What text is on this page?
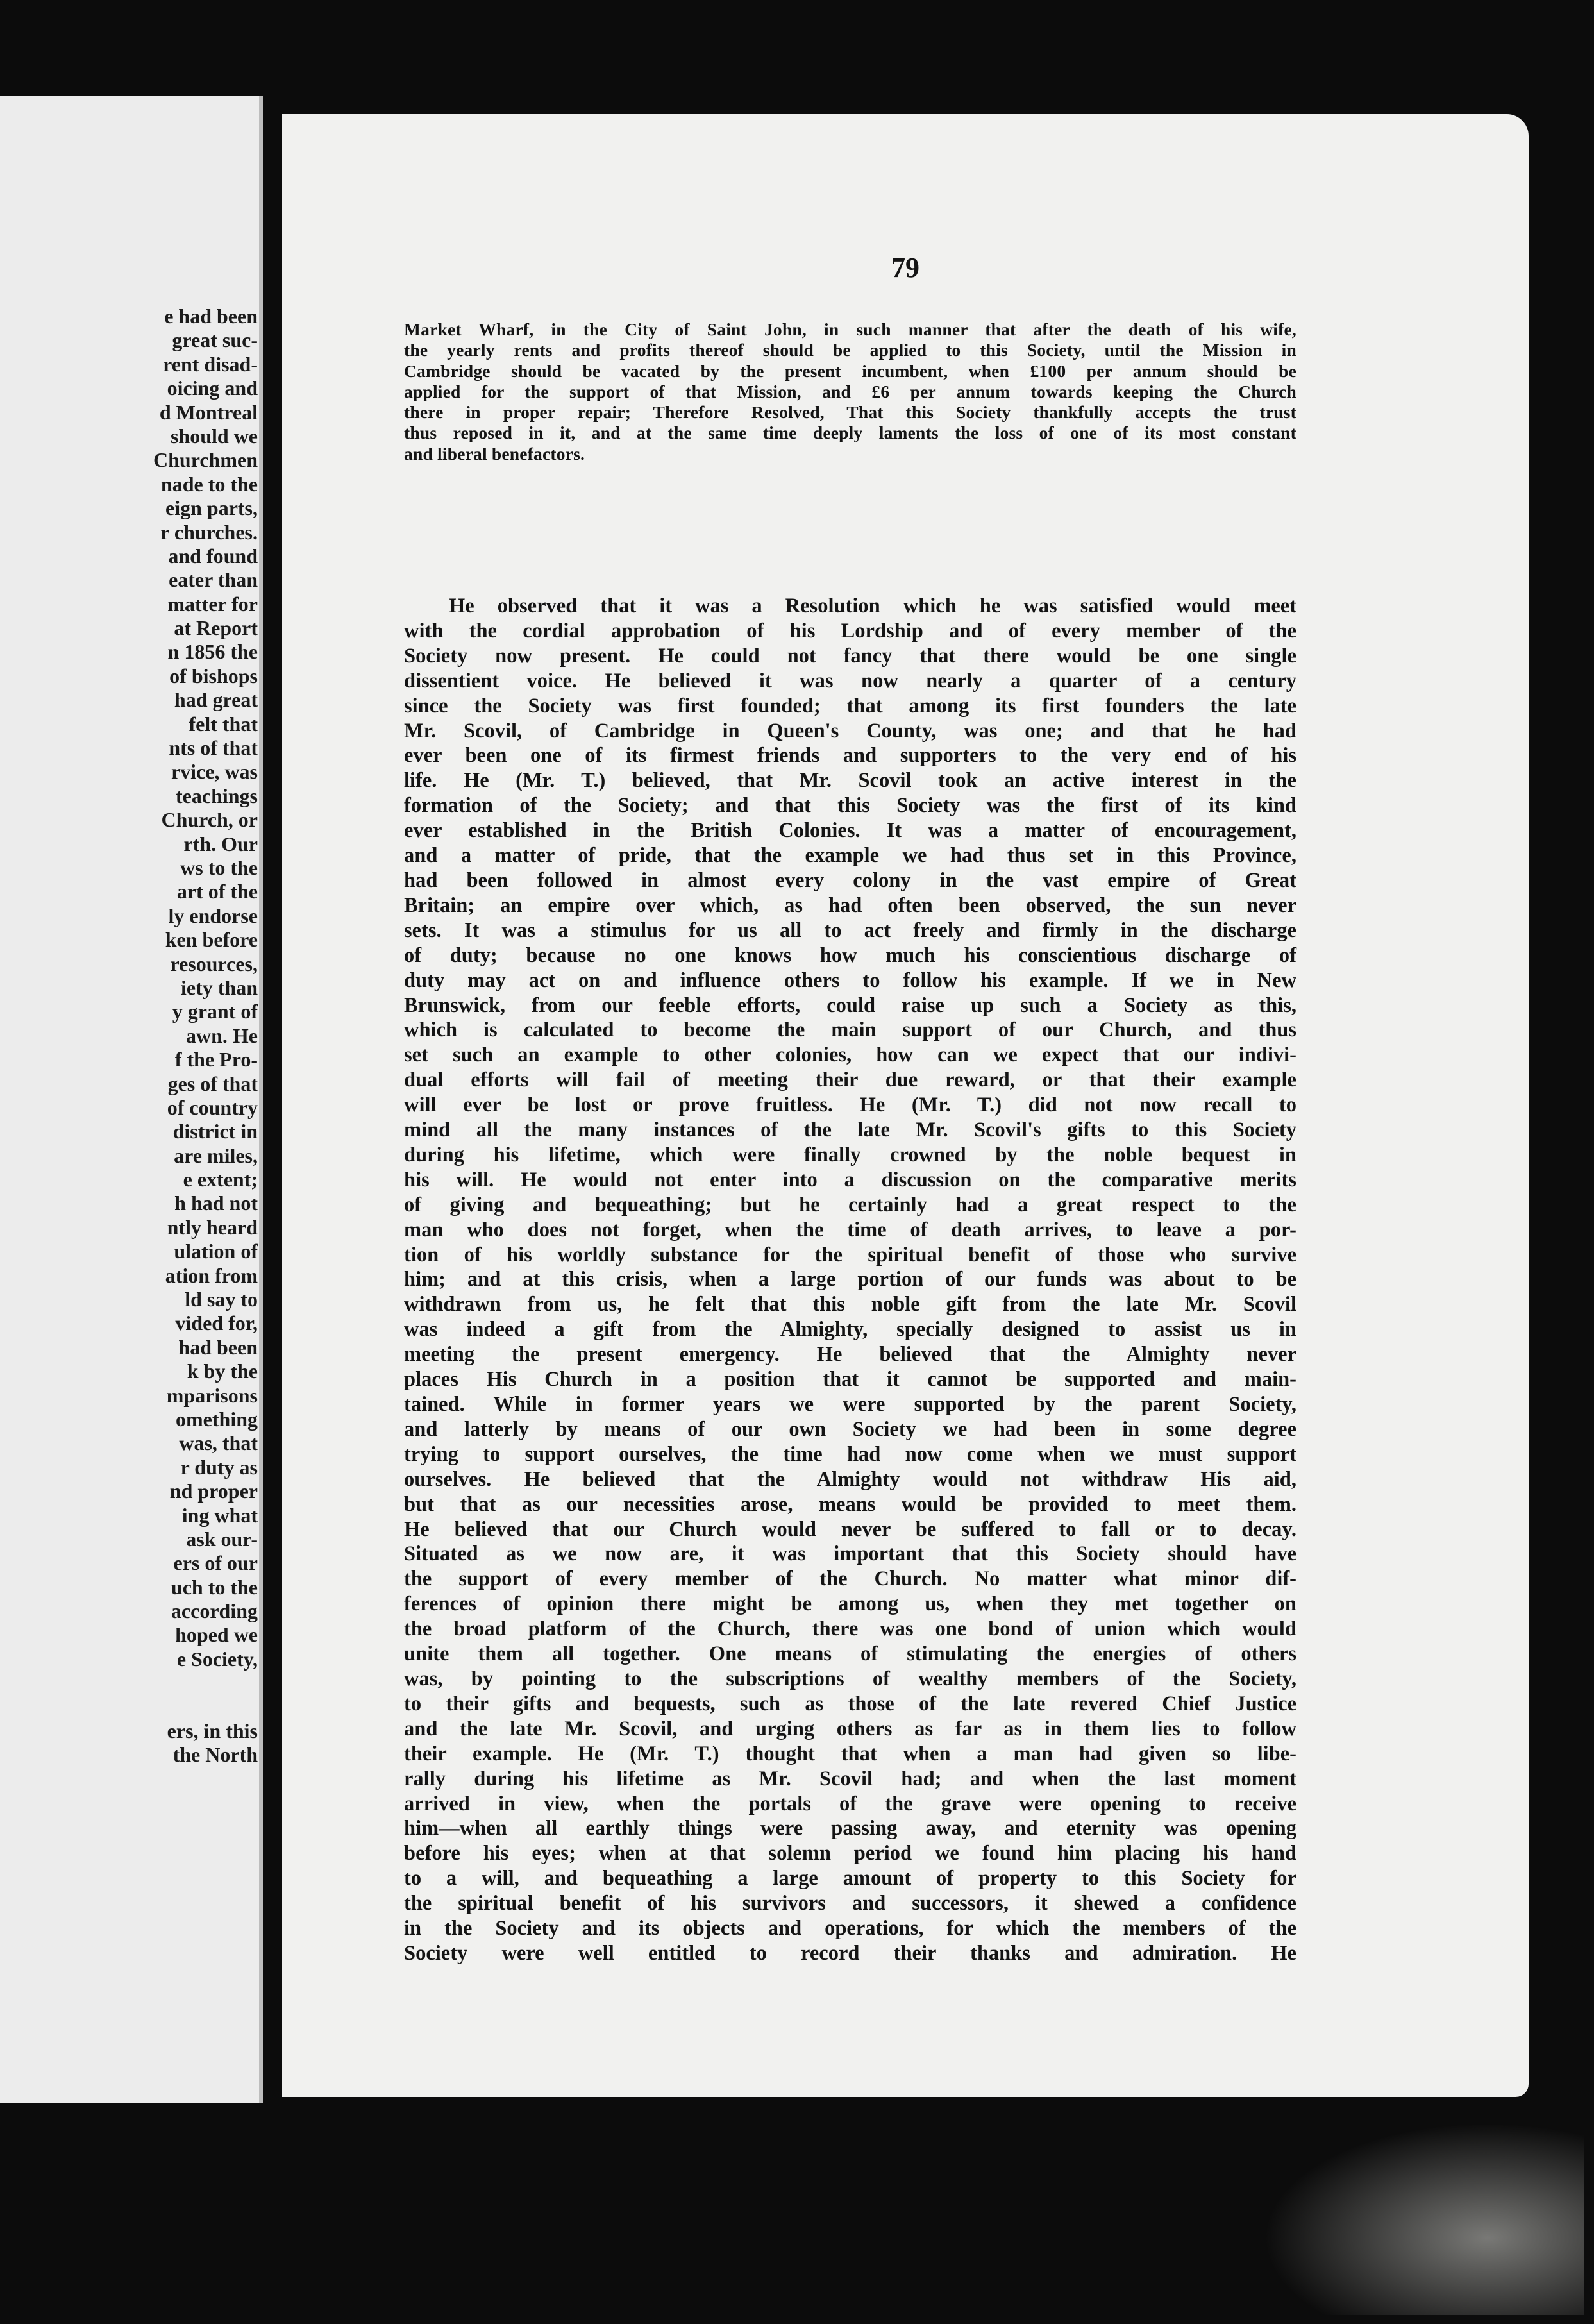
e had been
great suc-
rent disad-
oicing and
d Montreal
should we
Churchmen
nade to the
eign parts,
r churches.
and found
eater than
matter for
at Report
n 1856 the
of bishops
had great
felt that
nts of that
rvice, was
teachings
Church, or
rth. Our
ws to the
art of the
ly endorse
ken before
resources,
iety than
y grant of
awn. He
f the Pro-
ges of that
of country
district in
are miles,
e extent;
h had not
ntly heard
ulation of
ation from
ld say to
vided for,
had been
k by the
mparisons
omething
was, that
r duty as
nd proper
ing what
ask our-
ers of our
uch to the
according
hoped we
e Society,
ers, in this
the North
79
Market Wharf, in the City of Saint John, in such manner that after the death of his wife,
the yearly rents and profits thereof should be applied to this Society, until the Mission in
Cambridge should be vacated by the present incumbent, when £100 per annum should be
applied for the support of that Mission, and £6 per annum towards keeping the Church
there in proper repair; Therefore Resolved, That this Society thankfully accepts the trust
thus reposed in it, and at the same time deeply laments the loss of one of its most constant
and liberal benefactors.
He observed that it was a Resolution which he was satisfied would meet
with the cordial approbation of his Lordship and of every member of the
Society now present. He could not fancy that there would be one single
dissentient voice. He believed it was now nearly a quarter of a century
since the Society was first founded; that among its first founders the late
Mr. Scovil, of Cambridge in Queen's County, was one; and that he had
ever been one of its firmest friends and supporters to the very end of his
life. He (Mr. T.) believed, that Mr. Scovil took an active interest in the
formation of the Society; and that this Society was the first of its kind
ever established in the British Colonies. It was a matter of encouragement,
and a matter of pride, that the example we had thus set in this Province,
had been followed in almost every colony in the vast empire of Great
Britain; an empire over which, as had often been observed, the sun never
sets. It was a stimulus for us all to act freely and firmly in the discharge
of duty; because no one knows how much his conscientious discharge of
duty may act on and influence others to follow his example. If we in New
Brunswick, from our feeble efforts, could raise up such a Society as this,
which is calculated to become the main support of our Church, and thus
set such an example to other colonies, how can we expect that our indivi-
dual efforts will fail of meeting their due reward, or that their example
will ever be lost or prove fruitless. He (Mr. T.) did not now recall to
mind all the many instances of the late Mr. Scovil's gifts to this Society
during his lifetime, which were finally crowned by the noble bequest in
his will. He would not enter into a discussion on the comparative merits
of giving and bequeathing; but he certainly had a great respect to the
man who does not forget, when the time of death arrives, to leave a por-
tion of his worldly substance for the spiritual benefit of those who survive
him; and at this crisis, when a large portion of our funds was about to be
withdrawn from us, he felt that this noble gift from the late Mr. Scovil
was indeed a gift from the Almighty, specially designed to assist us in
meeting the present emergency. He believed that the Almighty never
places His Church in a position that it cannot be supported and main-
tained. While in former years we were supported by the parent Society,
and latterly by means of our own Society we had been in some degree
trying to support ourselves, the time had now come when we must support
ourselves. He believed that the Almighty would not withdraw His aid,
but that as our necessities arose, means would be provided to meet them.
He believed that our Church would never be suffered to fall or to decay.
Situated as we now are, it was important that this Society should have
the support of every member of the Church. No matter what minor dif-
ferences of opinion there might be among us, when they met together on
the broad platform of the Church, there was one bond of union which would
unite them all together. One means of stimulating the energies of others
was, by pointing to the subscriptions of wealthy members of the Society,
to their gifts and bequests, such as those of the late revered Chief Justice
and the late Mr. Scovil, and urging others as far as in them lies to follow
their example. He (Mr. T.) thought that when a man had given so libe-
rally during his lifetime as Mr. Scovil had; and when the last moment
arrived in view, when the portals of the grave were opening to receive
him—when all earthly things were passing away, and eternity was opening
before his eyes; when at that solemn period we found him placing his hand
to a will, and bequeathing a large amount of property to this Society for
the spiritual benefit of his survivors and successors, it shewed a confidence
in the Society and its objects and operations, for which the members of the
Society were well entitled to record their thanks and admiration. He
